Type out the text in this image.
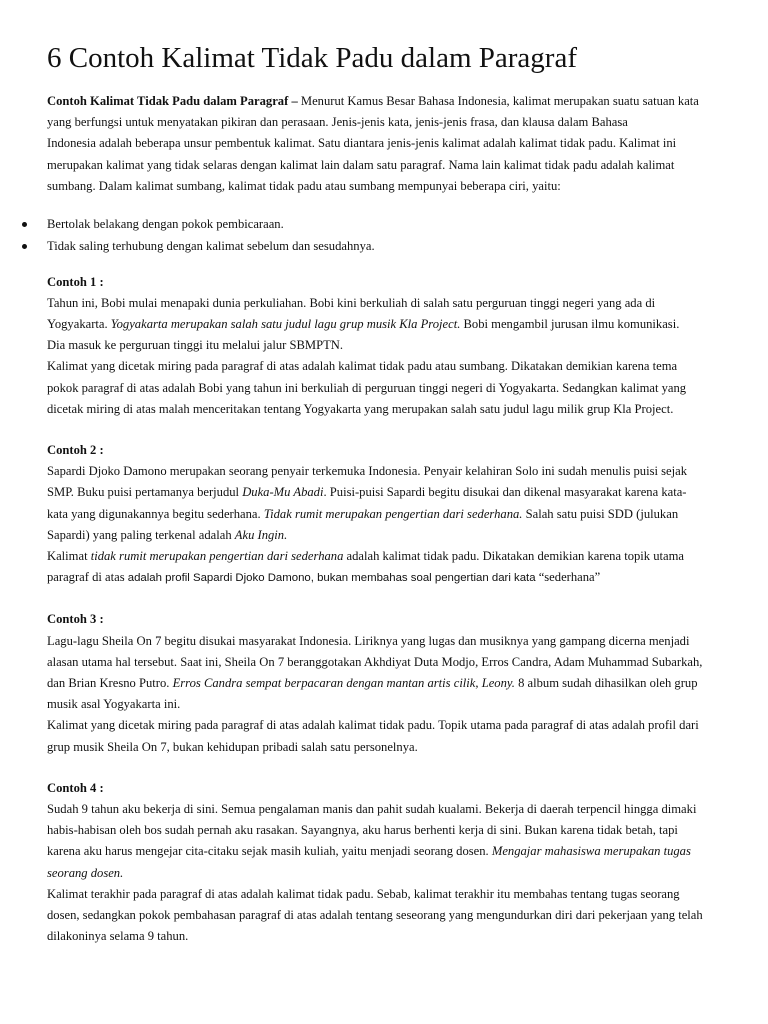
6 Contoh Kalimat Tidak Padu dalam Paragraf

Contoh Kalimat Tidak Padu dalam Paragraf – Menurut Kamus Besar Bahasa Indonesia, kalimat merupakan suatu satuan kata

yang berfungsi untuk menyatakan pikiran dan perasaan. Jenis-jenis kata, jenis-jenis frasa, dan klausa dalam Bahasa

Indonesia adalah beberapa unsur pembentuk kalimat. Satu diantara jenis-jenis kalimat adalah kalimat tidak padu. Kalimat ini

merupakan kalimat yang tidak selaras dengan kalimat lain dalam satu paragraf. Nama lain kalimat tidak padu adalah kalimat

sumbang. Dalam kalimat sumbang, kalimat tidak padu atau sumbang mempunyai beberapa ciri, yaitu:

Bertolak belakang dengan pokok pembicaraan.
Tidak saling terhubung dengan kalimat sebelum dan sesudahnya.
Contoh 1 :

Tahun ini, Bobi mulai menapaki dunia perkuliahan. Bobi kini berkuliah di salah satu perguruan tinggi negeri yang ada di

Yogyakarta. Yogyakarta merupakan salah satu judul lagu grup musik Kla Project. Bobi mengambil jurusan ilmu komunikasi.

Dia masuk ke perguruan tinggi itu melalui jalur SBMPTN.

Kalimat yang dicetak miring pada paragraf di atas adalah kalimat tidak padu atau sumbang. Dikatakan demikian karena tema

pokok paragraf di atas adalah Bobi yang tahun ini berkuliah di perguruan tinggi negeri di Yogyakarta. Sedangkan kalimat yang

dicetak miring di atas malah menceritakan tentang Yogyakarta yang merupakan salah satu judul lagu milik grup Kla Project.

Contoh 2 :

Sapardi Djoko Damono merupakan seorang penyair terkemuka Indonesia. Penyair kelahiran Solo ini sudah menulis puisi sejak

SMP. Buku puisi pertamanya berjudul Duka-Mu Abadi. Puisi-puisi Sapardi begitu disukai dan dikenal masyarakat karena kata-

kata yang digunakannya begitu sederhana. Tidak rumit merupakan pengertian dari sederhana. Salah satu puisi SDD (julukan

Sapardi) yang paling terkenal adalah Aku Ingin.

Kalimat tidak rumit merupakan pengertian dari sederhana adalah kalimat tidak padu. Dikatakan demikian karena topik utama

paragraf di atas adalah profil Sapardi Djoko Damono, bukan membahas soal pengertian dari kata “sederhana”

Contoh 3 :

Lagu-lagu Sheila On 7 begitu disukai masyarakat Indonesia. Liriknya yang lugas dan musiknya yang gampang dicerna menjadi

alasan utama hal tersebut. Saat ini, Sheila On 7 beranggotakan Akhdiyat Duta Modjo, Erros Candra, Adam Muhammad Subarkah,

dan Brian Kresno Putro. Erros Candra sempat berpacaran dengan mantan artis cilik, Leony. 8 album sudah dihasilkan oleh grup

musik asal Yogyakarta ini.

Kalimat yang dicetak miring pada paragraf di atas adalah kalimat tidak padu. Topik utama pada paragraf di atas adalah profil dari

grup musik Sheila On 7, bukan kehidupan pribadi salah satu personelnya.

Contoh 4 :

Sudah 9 tahun aku bekerja di sini. Semua pengalaman manis dan pahit sudah kualami. Bekerja di daerah terpencil hingga dimaki

habis-habisan oleh bos sudah pernah aku rasakan. Sayangnya, aku harus berhenti kerja di sini. Bukan karena tidak betah, tapi

karena aku harus mengejar cita-citaku sejak masih kuliah, yaitu menjadi seorang dosen. Mengajar mahasiswa merupakan tugas

seorang dosen.

Kalimat terakhir pada paragraf di atas adalah kalimat tidak padu. Sebab, kalimat terakhir itu membahas tentang tugas seorang

dosen, sedangkan pokok pembahasan paragraf di atas adalah tentang seseorang yang mengundurkan diri dari pekerjaan yang telah

dilakoninya selama 9 tahun.
